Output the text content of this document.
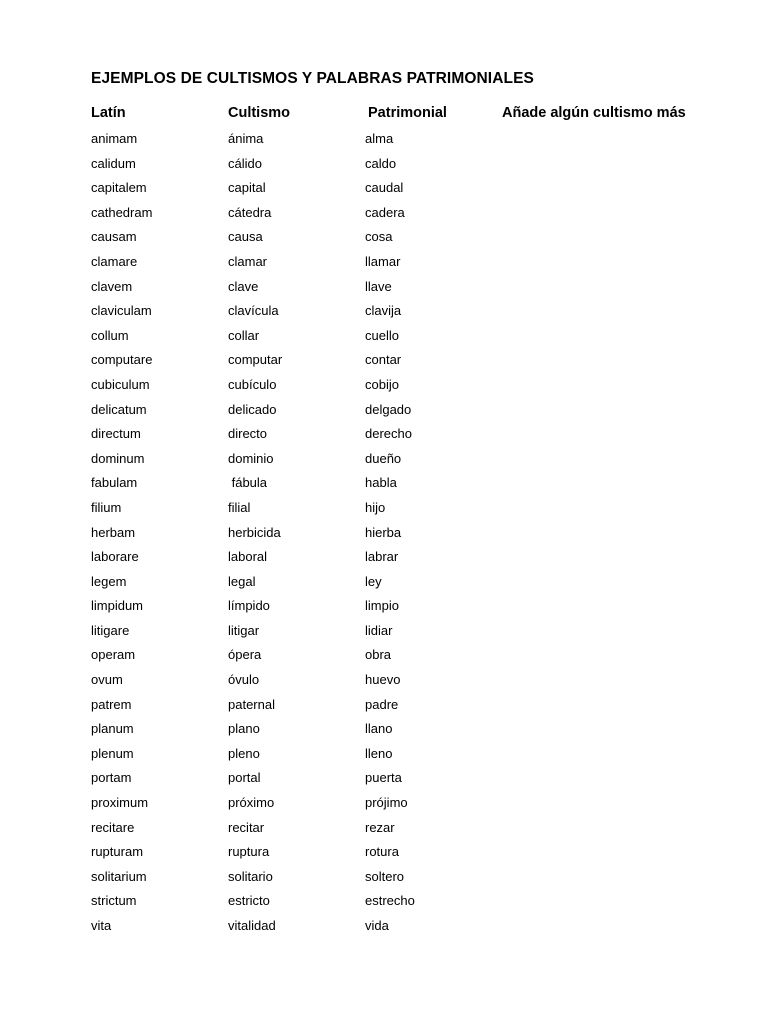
EJEMPLOS DE CULTISMOS Y PALABRAS PATRIMONIALES
Latín	Cultismo	Patrimonial	Añade algún cultismo más
animam	ánima	alma
calidum	cálido	caldo
capitalem	capital	caudal
cathedram	cátedra	cadera
causam	causa	cosa
clamare	clamar	llamar
clavem	clave	llave
claviculam	clavícula	clavija
collum	collar	cuello
computare	computar	contar
cubiculum	cubículo	cobijo
delicatum	delicado	delgado
directum	directo	derecho
dominum	dominio	dueño
fabulam	fábula	habla
filium	filial	hijo
herbam	herbicida	hierba
laborare	laboral	labrar
legem	legal	ley
limpidum	límpido	limpio
litigare	litigar	lidiar
operam	ópera	obra
ovum	óvulo	huevo
patrem	paternal	padre
planum	plano	llano
plenum	pleno	lleno
portam	portal	puerta
proximum	próximo	prójimo
recitare	recitar	rezar
rupturam	ruptura	rotura
solitarium	solitario	soltero
strictum	estricto	estrecho
vita	vitalidad	vida
